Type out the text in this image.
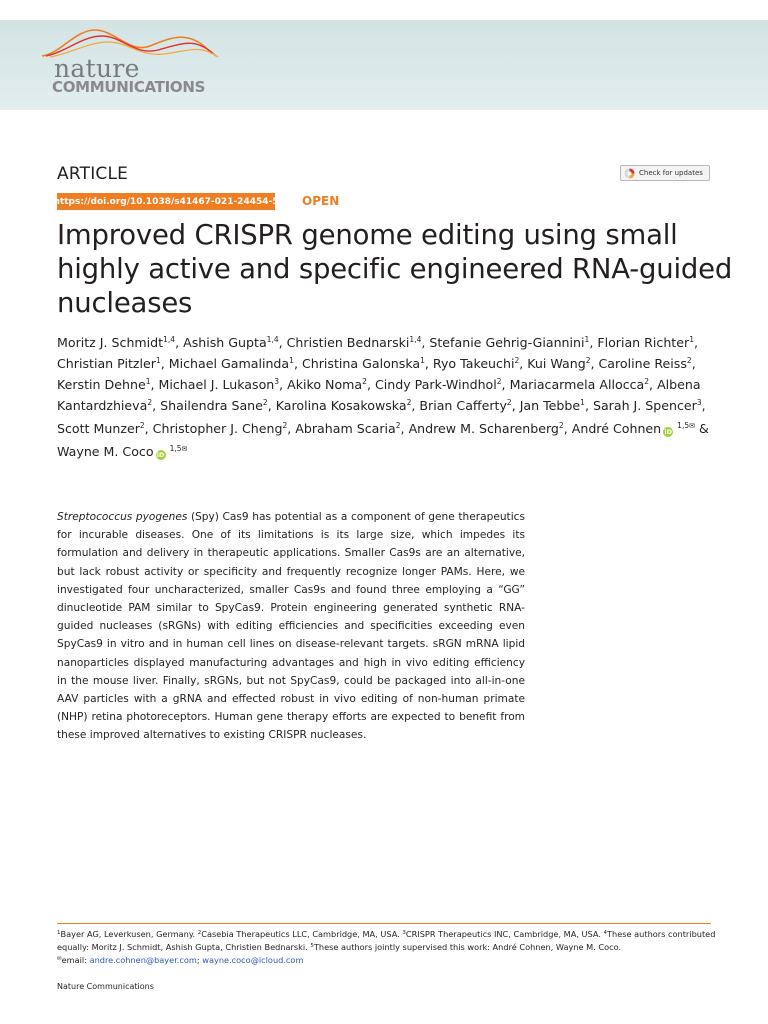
nature
COMMUNICATIONS
ARTICLE	Check for updates
https://doi.org/10.1038/s41467-021-24454-5 OPEN
Improved CRISPR genome editing using small highly active and specific engineered RNA-guided nucleases

Moritz J. Schmidt$^{1,4}$, Ashish Gupta$^{1,4}$, Christien Bednarski$^{1,4}$, Stefanie Gehrig-Giannini$^1$, Florian Richter$^1$, Christian Pitzler$^1$, Michael Gamalinda$^1$, Christina Galonska$^1$, Ryo Takeuchi$^2$, Kui Wang$^2$, Caroline Reiss$^2$, Kerstin Dehne$^1$, Michael J. Lukason$^3$, Akiko Noma$^2$, Cindy Park-Windhol$^2$, Mariacarmela Allocca$^2$, Albena Kantardzhieva$^2$, Shailendra Sane$^2$, Karolina Kosakowska$^2$, Brian Cafferty$^2$, Jan Tebbe$^1$, Sarah J. Spencer$^3$, Scott Munzer$^2$, Christopher J. Cheng$^2$, Abraham Scaria$^2$, Andrew M. Scharenberg$^2$, André Cohnen iD $^{1,5✉}$ & Wayne M. Coco iD $^{1,5✉}$

Streptococcus pyogenes (Spy) Cas9 has potential as a component of gene therapeutics for incurable diseases. One of its limitations is its large size, which impedes its formulation and delivery in therapeutic applications. Smaller Cas9s are an alternative, but lack robust activity or specificity and frequently recognize longer PAMs. Here, we investigated four uncharacterized, smaller Cas9s and found three employing a “GG” dinucleotide PAM similar to SpyCas9. Protein engineering generated synthetic RNA-guided nucleases (sRGNs) with editing efficiencies and specificities exceeding even SpyCas9 in vitro and in human cell lines on disease-relevant targets. sRGN mRNA lipid nanoparticles displayed manufacturing advantages and high in vivo editing efficiency in the mouse liver. Finally, sRGNs, but not SpyCas9, could be packaged into all-in-one AAV particles with a gRNA and effected robust in vivo editing of non-human primate (NHP) retina photoreceptors. Human gene therapy efforts are expected to benefit from these improved alternatives to existing CRISPR nucleases.

$^1$Bayer AG, Leverkusen, Germany. $^2$Casebia Therapeutics LLC, Cambridge, MA, USA. $^3$CRISPR Therapeutics INC, Cambridge, MA, USA. $^4$These authors contributed equally: Moritz J. Schmidt, Ashish Gupta, Christien Bednarski. $^5$These authors jointly supervised this work: André Cohnen, Wayne M. Coco.
✉email: andre.cohnen@bayer.com; wayne.coco@icloud.com
Nature Communications
